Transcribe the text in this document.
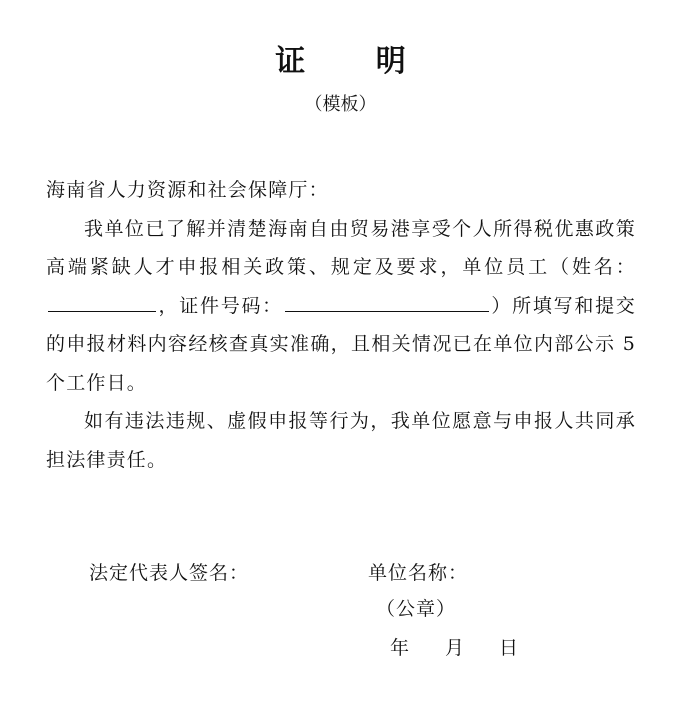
证 明
（模板）

海南省人力资源和社会保障厅：

我单位已了解并清楚海南自由贸易港享受个人所得税优惠政策高端紧缺人才申报相关政策、规定及要求，单位员工（姓名：，证件号码：	）所填写和提交的申报材料内容经核查真实准确，且相关情况已在单位内部公示 5 个工作日。

如有违法违规、虚假申报等行为，我单位愿意与申报人共同承担法律责任。

法定代表人签名：	单位名称：
（公章）
年 月 日
